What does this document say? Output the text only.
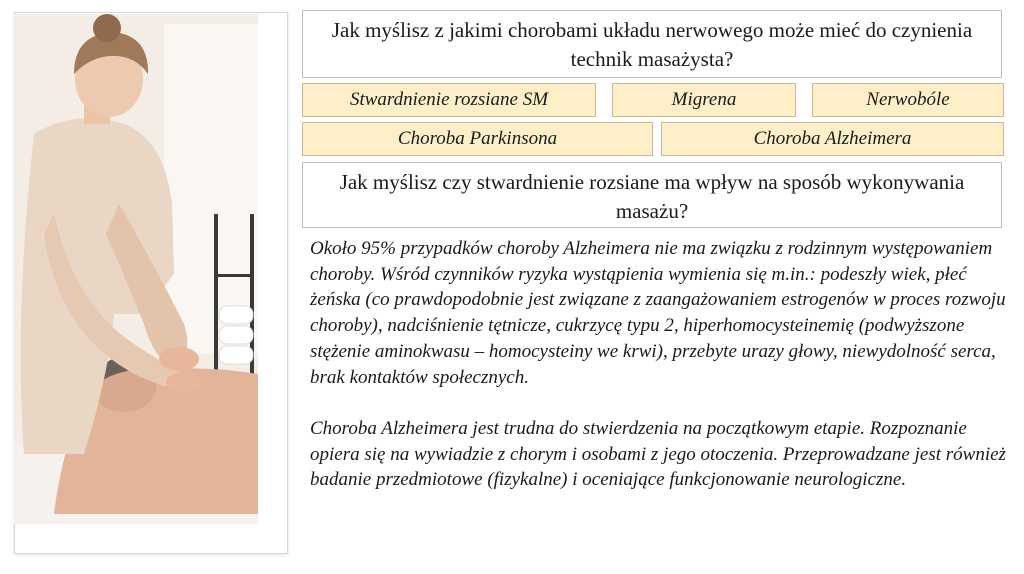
Jak myślisz z jakimi chorobami układu nerwowego może mieć do czynienia technik masażysta?
Stwardnienie rozsiane SM	Migrena	Nerwobóle
Choroba Parkinsona	Choroba Alzheimera
Jak myślisz czy stwardnienie rozsiane ma wpływ na sposób wykonywania masażu?

Około 95% przypadków choroby Alzheimera nie ma związku z rodzinnym występowaniem choroby. Wśród czynników ryzyka wystąpienia wymienia się m.in.: podeszły wiek, płeć żeńska (co prawdopodobnie jest związane z zaangażowaniem estrogenów w proces rozwoju choroby), nadciśnienie tętnicze, cukrzycę typu 2, hiperhomocysteinemię (podwyższone stężenie aminokwasu – homocysteiny we krwi), przebyte urazy głowy, niewydolność serca, brak kontaktów społecznych.

Choroba Alzheimera jest trudna do stwierdzenia na początkowym etapie. Rozpoznanie opiera się na wywiadzie z chorym i osobami z jego otoczenia. Przeprowadzane jest również badanie przedmiotowe (fizykalne) i oceniające funkcjonowanie neurologiczne.
